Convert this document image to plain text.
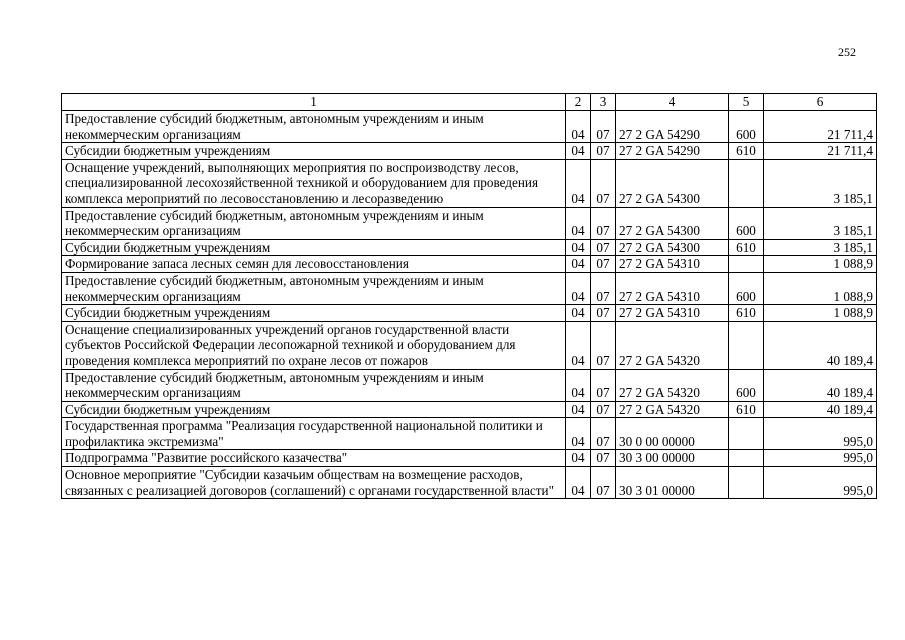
252
1	2	3	4	5	6
Предоставление субсидий бюджетным, автономным учреждениям и иным некоммерческим организациям	04	07	27 2 GA 54290	600	21 711,4
Субсидии бюджетным учреждениям	04	07	27 2 GA 54290	610	21 711,4
Оснащение учреждений, выполняющих мероприятия по воспроизводству лесов, специализированной лесохозяйственной техникой и оборудованием для проведения комплекса мероприятий по лесовосстановлению и лесоразведению	04	07	27 2 GA 54300		3 185,1
Предоставление субсидий бюджетным, автономным учреждениям и иным некоммерческим организациям	04	07	27 2 GA 54300	600	3 185,1
Субсидии бюджетным учреждениям	04	07	27 2 GA 54300	610	3 185,1
Формирование запаса лесных семян для лесовосстановления	04	07	27 2 GA 54310		1 088,9
Предоставление субсидий бюджетным, автономным учреждениям и иным некоммерческим организациям	04	07	27 2 GA 54310	600	1 088,9
Субсидии бюджетным учреждениям	04	07	27 2 GA 54310	610	1 088,9
Оснащение специализированных учреждений органов государственной власти субъектов Российской Федерации лесопожарной техникой и оборудованием для проведения комплекса мероприятий по охране лесов от пожаров	04	07	27 2 GA 54320		40 189,4
Предоставление субсидий бюджетным, автономным учреждениям и иным некоммерческим организациям	04	07	27 2 GA 54320	600	40 189,4
Субсидии бюджетным учреждениям	04	07	27 2 GA 54320	610	40 189,4
Государственная программа "Реализация государственной национальной политики и профилактика экстремизма"	04	07	30 0 00 00000		995,0
Подпрограмма "Развитие российского казачества"	04	07	30 3 00 00000		995,0
Основное мероприятие "Субсидии казачьим обществам на возмещение расходов, связанных с реализацией договоров (соглашений) с органами государственной власти"	04	07	30 3 01 00000		995,0
